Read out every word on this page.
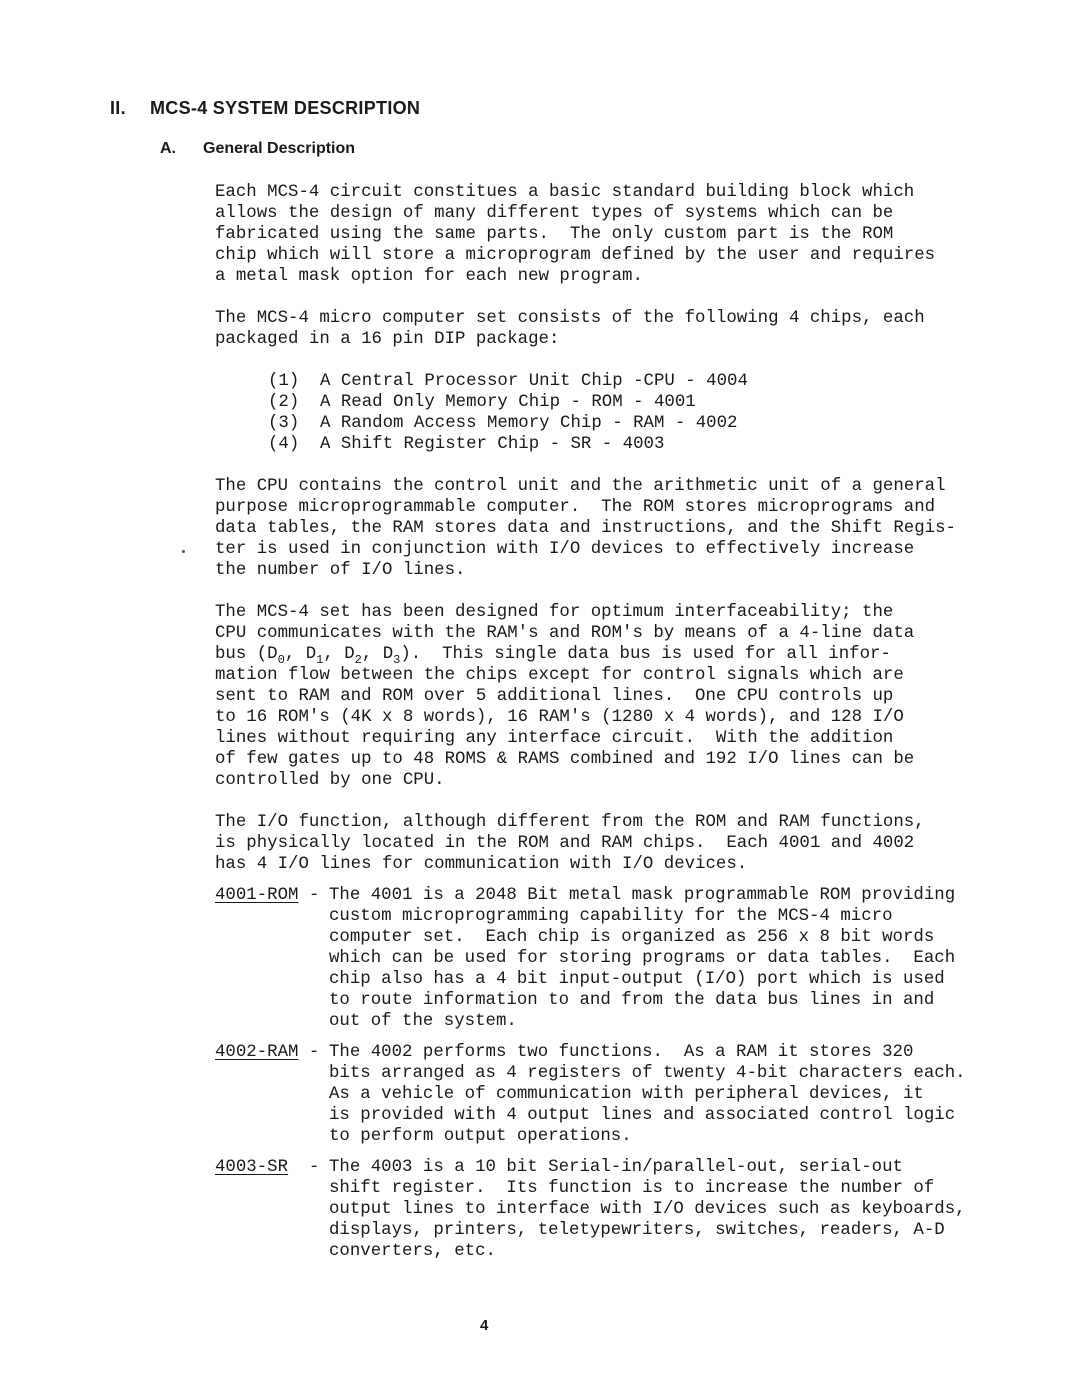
II. MCS-4 SYSTEM DESCRIPTION
A. General Description
Each MCS-4 circuit constitues a basic standard building block which
allows the design of many different types of systems which can be
fabricated using the same parts.  The only custom part is the ROM
chip which will store a microprogram defined by the user and requires
a metal mask option for each new program.
The MCS-4 micro computer set consists of the following 4 chips, each
packaged in a 16 pin DIP package:
(1) A Central Processor Unit Chip -CPU - 4004
(2) A Read Only Memory Chip - ROM - 4001
(3) A Random Access Memory Chip - RAM - 4002
(4) A Shift Register Chip - SR - 4003
The CPU contains the control unit and the arithmetic unit of a general
purpose microprogrammable computer.  The ROM stores microprograms and
data tables, the RAM stores data and instructions, and the Shift Regis-
ter is used in conjunction with I/O devices to effectively increase
the number of I/O lines.
The MCS-4 set has been designed for optimum interfaceability; the
CPU communicates with the RAM's and ROM's by means of a 4-line data
bus ($D_0$, $D_1$, $D_2$, $D_3$).  This single data bus is used for all infor-
mation flow between the chips except for control signals which are
sent to RAM and ROM over 5 additional lines.  One CPU controls up
to 16 ROM's (4K x 8 words), 16 RAM's (1280 x 4 words), and 128 I/O
lines without requiring any interface circuit.  With the addition
of few gates up to 48 ROMS & RAMS combined and 192 I/O lines can be
controlled by one CPU.
The I/O function, although different from the ROM and RAM functions,
is physically located in the ROM and RAM chips.  Each 4001 and 4002
has 4 I/O lines for communication with I/O devices.
4001-ROM - The 4001 is a 2048 Bit metal mask programmable ROM providing
custom microprogramming capability for the MCS-4 micro
computer set.  Each chip is organized as 256 x 8 bit words
which can be used for storing programs or data tables.  Each
chip also has a 4 bit input-output (I/O) port which is used
to route information to and from the data bus lines in and
out of the system.
4002-RAM - The 4002 performs two functions.  As a RAM it stores 320
bits arranged as 4 registers of twenty 4-bit characters each.
As a vehicle of communication with peripheral devices, it
is provided with 4 output lines and associated control logic
to perform output operations.
4003-SR  - The 4003 is a 10 bit Serial-in/parallel-out, serial-out
shift register.  Its function is to increase the number of
output lines to interface with I/O devices such as keyboards,
displays, printers, teletypewriters, switches, readers, A-D
converters, etc.
4
